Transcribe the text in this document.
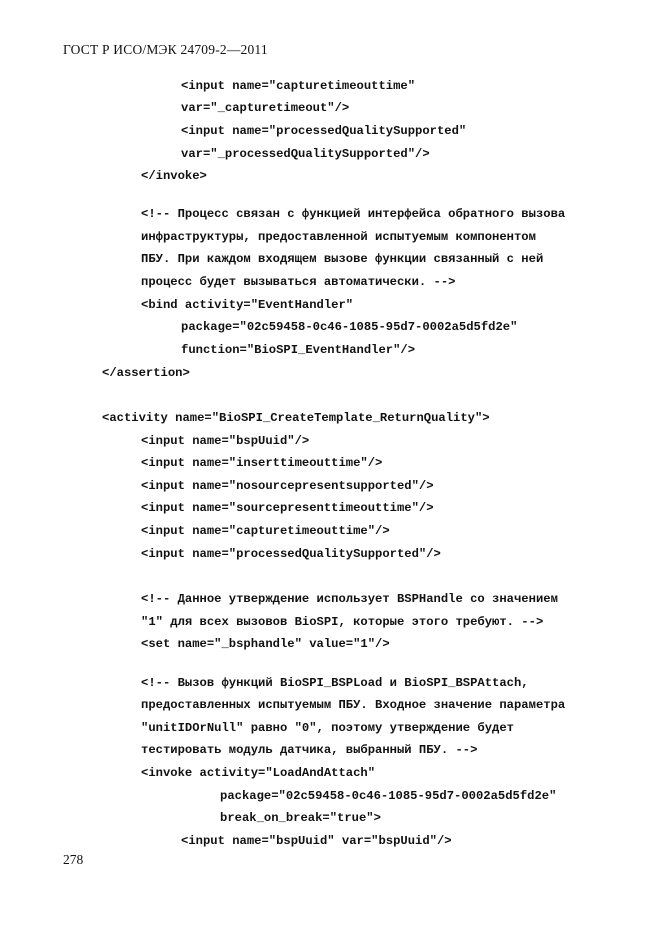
ГОСТ Р ИСО/МЭК 24709-2—2011
<input name="capturetimeouttime"
var="_capturetimeout"/>
<input name="processedQualitySupported"
var="_processedQualitySupported"/>
</invoke>
<!-- Процесс связан с функцией интерфейса обратного вызова
инфраструктуры, предоставленной испытуемым компонентом
ПБУ. При каждом входящем вызове функции связанный с ней
процесс будет вызываться автоматически. -->
<bind activity="EventHandler"
package="02c59458-0c46-1085-95d7-0002a5d5fd2e"
function="BioSPI_EventHandler"/>
</assertion>
<activity name="BioSPI_CreateTemplate_ReturnQuality">
<input name="bspUuid"/>
<input name="inserttimeouttime"/>
<input name="nosourcepresentsupported"/>
<input name="sourcepresenttimeouttime"/>
<input name="capturetimeouttime"/>
<input name="processedQualitySupported"/>
<!-- Данное утверждение использует BSPHandle со значением
"1" для всех вызовов BioSPI, которые этого требуют. -->
<set name="_bsphandle" value="1"/>
<!-- Вызов функций BioSPI_BSPLoad и BioSPI_BSPAttach,
предоставленных испытуемым ПБУ. Входное значение параметра
"unitIDOrNull" равно "0", поэтому утверждение будет
тестировать модуль датчика, выбранный ПБУ. -->
<invoke activity="LoadAndAttach"
package="02c59458-0c46-1085-95d7-0002a5d5fd2e"
break_on_break="true">
<input name="bspUuid" var="bspUuid"/>
278
